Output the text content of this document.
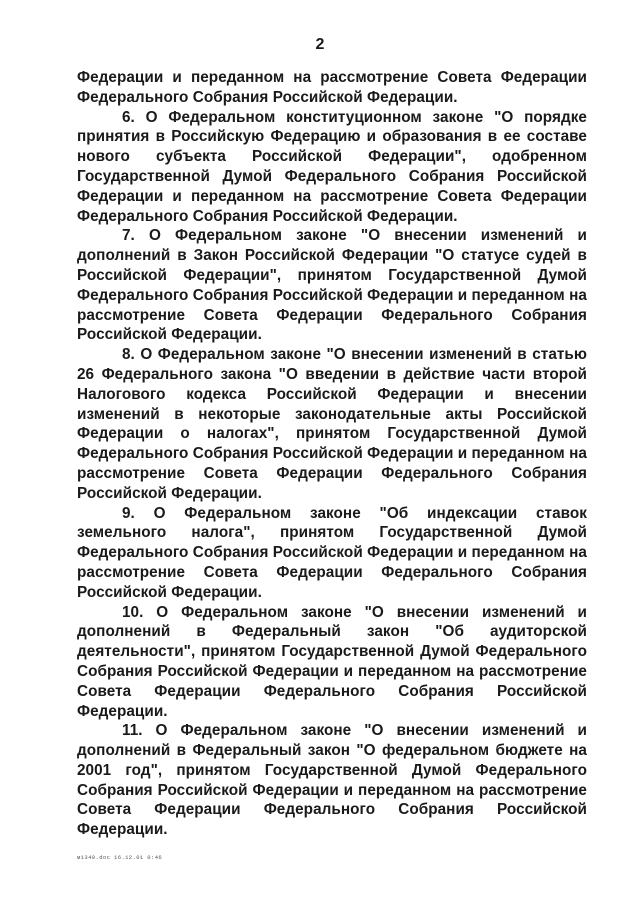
2

Федерации и переданном на рассмотрение Совета Федерации Федерального Собрания Российской Федерации.

6. О Федеральном конституционном законе "О порядке принятия в Российскую Федерацию и образования в ее составе нового субъекта Российской Федерации", одобренном Государственной Думой Федерального Собрания Российской Федерации и переданном на рассмотрение Совета Федерации Федерального Собрания Российской Федерации.

7. О Федеральном законе "О внесении изменений и дополнений в Закон Российской Федерации "О статусе судей в Российской Федерации", принятом Государственной Думой Федерального Собрания Российской Федерации и переданном на рассмотрение Совета Федерации Федерального Собрания Российской Федерации.

8. О Федеральном законе "О внесении изменений в статью 26 Федерального закона "О введении в действие части второй Налогового кодекса Российской Федерации и внесении изменений в некоторые законодательные акты Российской Федерации о налогах", принятом Государственной Думой Федерального Собрания Российской Федерации и переданном на рассмотрение Совета Федерации Федерального Собрания Российской Федерации.

9. О Федеральном законе "Об индексации ставок земельного налога", принятом Государственной Думой Федерального Собрания Российской Федерации и переданном на рассмотрение Совета Федерации Федерального Собрания Российской Федерации.

10. О Федеральном законе "О внесении изменений и дополнений в Федеральный закон "Об аудиторской деятельности", принятом Государственной Думой Федерального Собрания Российской Федерации и переданном на рассмотрение Совета Федерации Федерального Собрания Российской Федерации.

11. О Федеральном законе "О внесении изменений и дополнений в Федеральный закон "О федеральном бюджете на 2001 год", принятом Государственной Думой Федерального Собрания Российской Федерации и переданном на рассмотрение Совета Федерации Федерального Собрания Российской Федерации.

м1340.doc 16.12.01 0:46
